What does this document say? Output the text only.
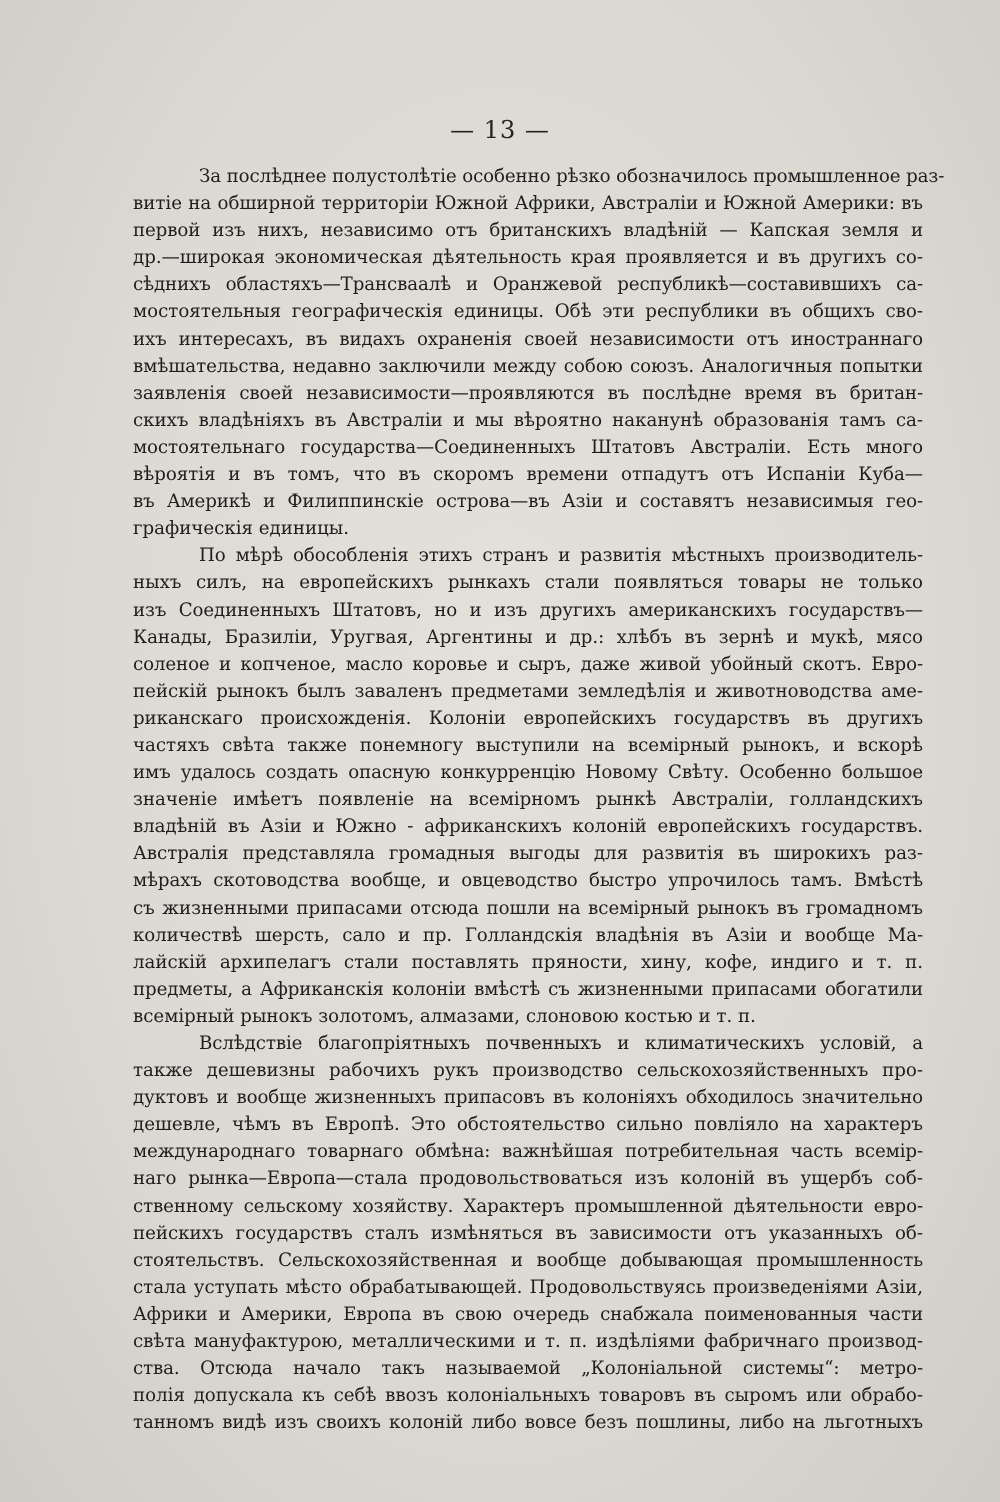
— 13 —
За послѣднее полустолѣтіе особенно рѣзко обозначилось промышленное раз-
витіе на обширной территоріи Южной Африки, Австраліи и Южной Америки: въ
первой изъ нихъ, независимо отъ британскихъ владѣній — Капская земля и
др.—широкая экономическая дѣятельность края проявляется и въ другихъ со-
сѣднихъ областяхъ—Трансваалѣ и Оранжевой республикѣ—составившихъ са-
мостоятельныя географическія единицы. Обѣ эти республики въ общихъ сво-
ихъ интересахъ, въ видахъ охраненія своей независимости отъ иностраннаго
вмѣшательства, недавно заключили между собою союзъ. Аналогичныя попытки
заявленія своей независимости—проявляются въ послѣдне время въ британ-
скихъ владѣніяхъ въ Австраліи и мы вѣроятно наканунѣ образованія тамъ са-
мостоятельнаго государства—Соединенныхъ Штатовъ Австраліи. Есть много
вѣроятія и въ томъ, что въ скоромъ времени отпадутъ отъ Испаніи Куба—
въ Америкѣ и Филиппинскіе острова—въ Азіи и составятъ независимыя гео-
графическія единицы.
По мѣрѣ обособленія этихъ странъ и развитія мѣстныхъ производитель-
ныхъ силъ, на европейскихъ рынкахъ стали появляться товары не только
изъ Соединенныхъ Штатовъ, но и изъ другихъ американскихъ государствъ—
Канады, Бразиліи, Уругвая, Аргентины и др.: хлѣбъ въ зернѣ и мукѣ, мясо
соленое и копченое, масло коровье и сыръ, даже живой убойный скотъ. Евро-
пейскій рынокъ былъ заваленъ предметами земледѣлія и животноводства аме-
риканскаго происхожденія. Колоніи европейскихъ государствъ въ другихъ
частяхъ свѣта также понемногу выступили на всемірный рынокъ, и вскорѣ
имъ удалось создать опасную конкурренцію Новому Свѣту. Особенно большое
значеніе имѣетъ появленіе на всемірномъ рынкѣ Австраліи, голландскихъ
владѣній въ Азіи и Южно - африканскихъ колоній европейскихъ государствъ.
Австралія представляла громадныя выгоды для развитія въ широкихъ раз-
мѣрахъ скотоводства вообще, и овцеводство быстро упрочилось тамъ. Вмѣстѣ
съ жизненными припасами отсюда пошли на всемірный рынокъ въ громадномъ
количествѣ шерсть, сало и пр. Голландскія владѣнія въ Азіи и вообще Ма-
лайскій архипелагъ стали поставлять пряности, хину, кофе, индиго и т. п.
предметы, а Африканскія колоніи вмѣстѣ съ жизненными припасами обогатили
всемірный рынокъ золотомъ, алмазами, слоновою костью и т. п.
Вслѣдствіе благопріятныхъ почвенныхъ и климатическихъ условій, а
также дешевизны рабочихъ рукъ производство сельскохозяйственныхъ про-
дуктовъ и вообще жизненныхъ припасовъ въ колоніяхъ обходилось значительно
дешевле, чѣмъ въ Европѣ. Это обстоятельство сильно повліяло на характеръ
международнаго товарнаго обмѣна: важнѣйшая потребительная часть всемір-
наго рынка—Европа—стала продовольствоваться изъ колоній въ ущербъ соб-
ственному сельскому хозяйству. Характеръ промышленной дѣятельности евро-
пейскихъ государствъ сталъ измѣняться въ зависимости отъ указанныхъ об-
стоятельствъ. Сельскохозяйственная и вообще добывающая промышленность
стала уступать мѣсто обрабатывающей. Продовольствуясь произведеніями Азіи,
Африки и Америки, Европа въ свою очередь снабжала поименованныя части
свѣта мануфактурою, металлическими и т. п. издѣліями фабричнаго производ-
ства. Отсюда начало такъ называемой „Колоніальной системы“: метро-
полія допускала къ себѣ ввозъ колоніальныхъ товаровъ въ сыромъ или обрабо-
танномъ видѣ изъ своихъ колоній либо вовсе безъ пошлины, либо на льготныхъ
